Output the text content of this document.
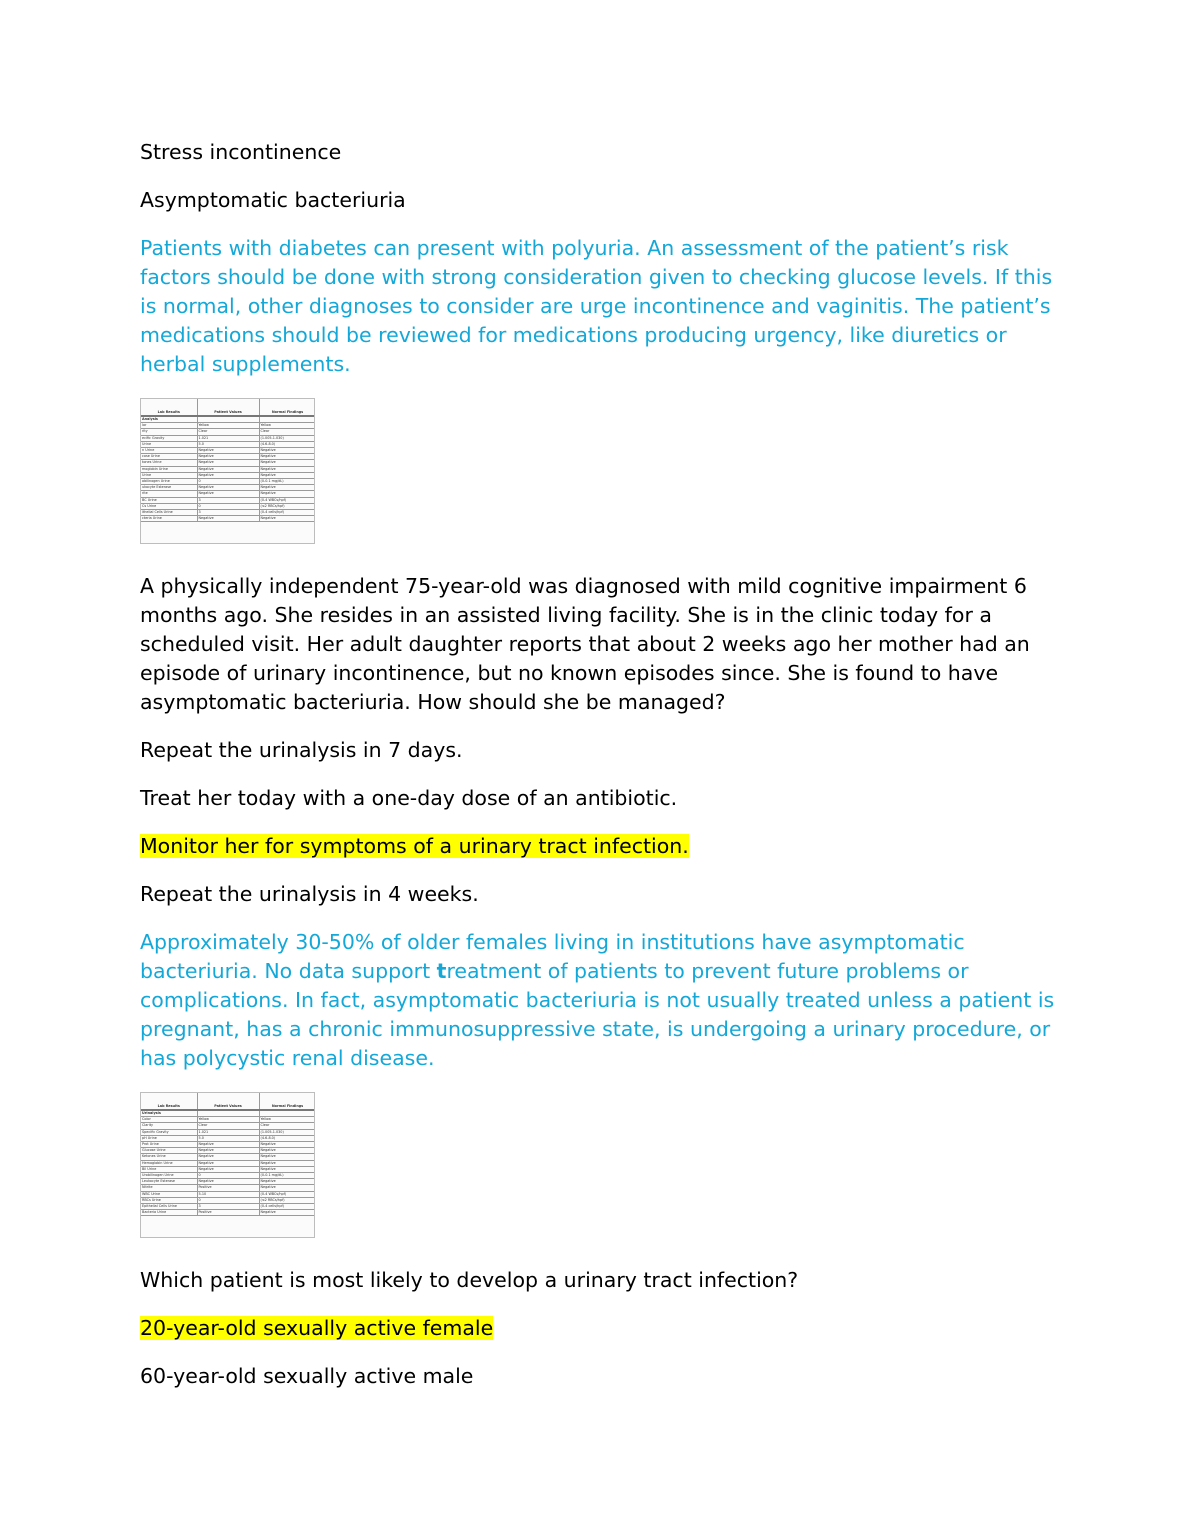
Stress incontinence

Asymptomatic bacteriuria

Patients with diabetes can present with polyuria. An assessment of the patient’s risk factors should be done with strong consideration given to checking glucose levels. If this is normal, other diagnoses to consider are urge incontinence and vaginitis. The patient’s medications should be reviewed for medications producing urgency, like diuretics or herbal supplements.

Lab Results	Patient Values	Normal Findings
Analysis		
lor	Yellow	Yellow
rity	Clear	Clear
ecific Gravity	1.021	(1.005-1.030)
Urine	5.0	(4.6-8.0)
n Urine	Negative	Negative
cose Urine	Negative	Negative
tones Urine	Negative	Negative
moglobin Urine	Negative	Negative
Urine	Negative	Negative
obilinogen Urine	0	(0-0.1 mg/dL)
ukocyte Esterase	Negative	Negative
rite	Negative	Negative
BC Urine	3	(0-4 WBCs/hpf)
Cs Urine	0	(≤2 RBCs/hpf)
ithelial Cells Urine	3	(0-4 cells/hpf)
cteria Urine	Negative	Negative

A physically independent 75-year-old was diagnosed with mild cognitive impairment 6 months ago. She resides in an assisted living facility. She is in the clinic today for a scheduled visit. Her adult daughter reports that about 2 weeks ago her mother had an episode of urinary incontinence, but no known episodes since. She is found to have asymptomatic bacteriuria. How should she be managed?

Repeat the urinalysis in 7 days.

Treat her today with a one-day dose of an antibiotic.

Monitor her for symptoms of a urinary tract infection.

Repeat the urinalysis in 4 weeks.

Approximately 30-50% of older females living in institutions have asymptomatic bacteriuria. No data support treatment of patients to prevent future problems or complications. In fact, asymptomatic bacteriuria is not usually treated unless a patient is pregnant, has a chronic immunosuppressive state, is undergoing a urinary procedure, or has polycystic renal disease.

Lab Results	Patient Values	Normal Findings
Urinalysis		
Color	Yellow	Yellow
Clarity	Clear	Clear
Specific Gravity	1.021	(1.005-1.030)
pH Urine	5.0	(4.6-8.0)
Prot Urine	Negative	Negative
Glucose Urine	Negative	Negative
Ketones Urine	Negative	Negative
Hemoglobin Urine	Negative	Negative
Bil Urine	Negative	Negative
Urobilinogen Urine	0	(0-0.1 mg/dL)
Leukocyte Esterase	Negative	Negative
Nitrite	Positive	Negative
WBC Urine	5-10	(0-4 WBCs/hpf)
RBCs Urine	0	(≤2 RBCs/hpf)
Epithelial Cells Urine	3	(0-4 cells/hpf)
Bacteria Urine	Positive	Negative

Which patient is most likely to develop a urinary tract infection?

20-year-old sexually active female

60-year-old sexually active male
